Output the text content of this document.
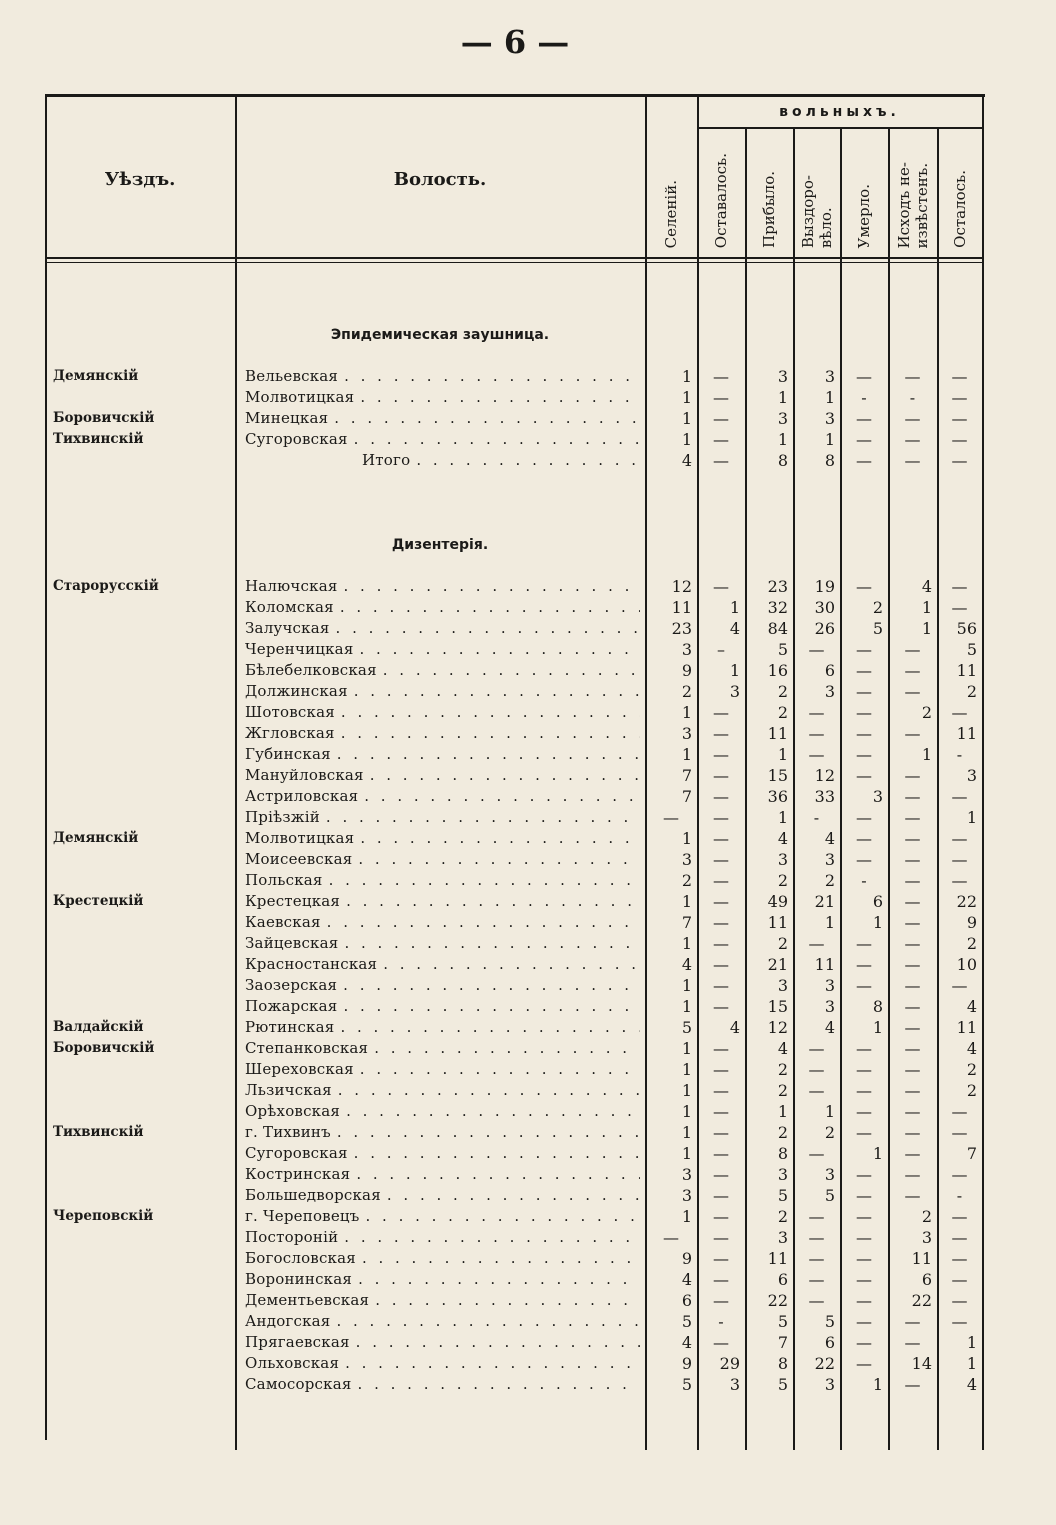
— 6 —
Уѣздъ.	Волость.
вольныхъ.
Селеній. Оставалось. Прибыло. Выздоро- вѣло. Умерло. Исходъ не- извѣстенъ. Осталось.
Эпидемическая заушница.
Демянскій	Вельевская . . .	1	—	3	3	—	—	—
Молвотицкая . . .	1	—	1	1	-	-	—
Боровичскій	Минецкая . . .	1	—	3	3	—	—	—
Тихвинскій	Сугоровская . . .	1	—	1	1	—	—	—
Итого . . .	4	—	8	8	—	—	—
Дизентерія.
Старорусскій	Налючская . . .	12	—	23	19	—	4	—
Коломская . . .	11	1	32	30	2	1	—
Залучская . . .	23	4	84	26	5	1	56
Черенчицкая . . .	3	–	5	—	—	—	5
Бѣлебелковская . . .	9	1	16	6	—	—	11
Должинская . . .	2	3	2	3	—	—	2
Шотовская . . .	1	—	2	—	—	2	—
Жгловская . . .	3	—	11	—	—	—	11
Губинская . . .	1	—	1	—	—	1	-
Мануйловская . . .	7	—	15	12	—	—	3
Астриловская . . .	7	—	36	33	3	—	—
Пріѣзжій . . .	—	—	1	-	—	—	1
Демянскій	Молвотицкая . . .	1	—	4	4	—	—	—
Моисеевская . . .	3	—	3	3	—	—	—
Польская . . .	2	—	2	2	-	—	—
Крестецкій	Крестецкая . . .	1	—	49	21	6	—	22
Каевская . . .	7	—	11	1	1	—	9
Зайцевская . . .	1	—	2	—	—	—	2
Красностанская . . .	4	—	21	11	—	—	10
Заозерская . . .	1	—	3	3	—	—	—
Пожарская . . .	1	—	15	3	8	—	4
Валдайскій	Рютинская . . .	5	4	12	4	1	—	11
Боровичскій	Степанковская . . .	1	—	4	—	—	—	4
Шереховская . . .	1	—	2	—	—	—	2
Льзичская . . .	1	—	2	—	—	—	2
Орѣховская . . .	1	—	1	1	—	—	—
Тихвинскій	г. Тихвинъ . . .	1	—	2	2	—	—	—
Сугоровская . . .	1	—	8	—	1	—	7
Костринская . . .	3	—	3	3	—	—	—
Большедворская . . .	3	—	5	5	—	—	-
Череповскій	г. Череповецъ . . .	1	—	2	—	—	2	—
Постороній . . .	—	—	3	—	—	3	—
Богословская . . .	9	—	11	—	—	11	—
Воронинская . . .	4	—	6	—	—	6	—
Дементьевская . . .	6	—	22	—	—	22	—
Андогская . . .	5	-	5	5	—	—	—
Прягаевская . . .	4	—	7	6	—	—	1
Ольховская . . .	9	29	8	22	—	14	1
Самосорская . . .	5	3	5	3	1	—	4
